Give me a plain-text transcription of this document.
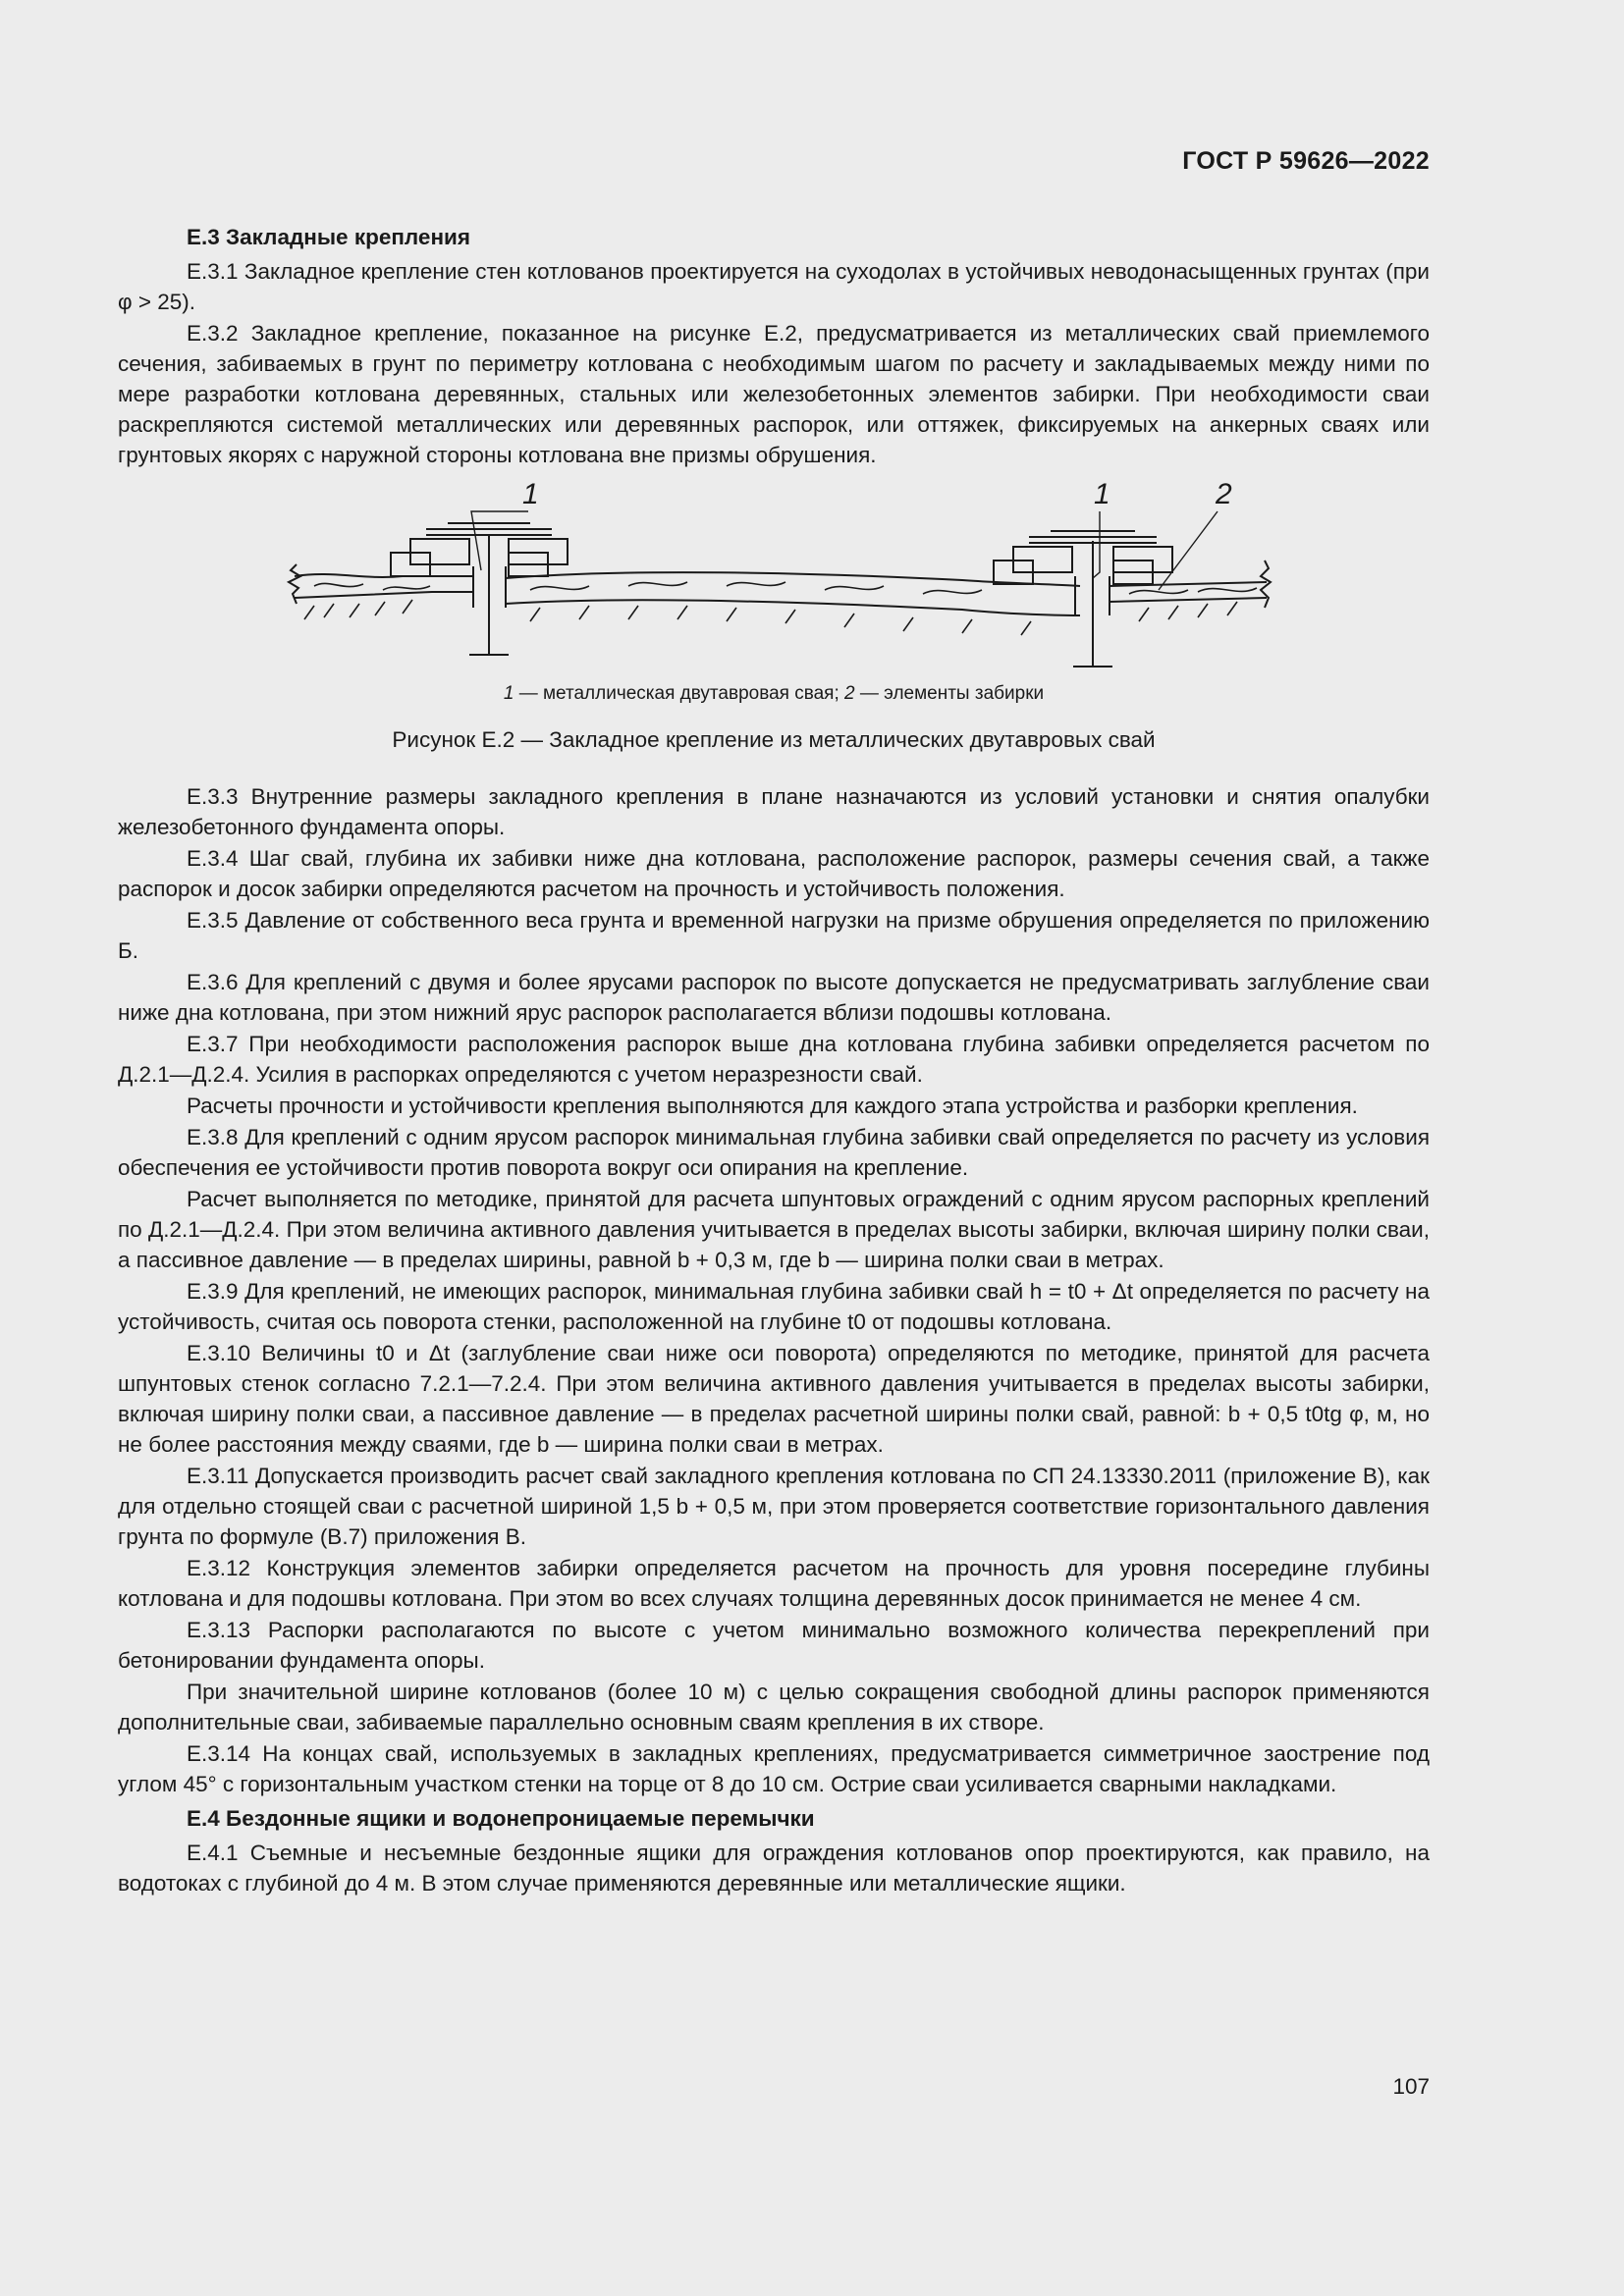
ГОСТ Р 59626—2022
Е.3 Закладные крепления
Е.3.1 Закладное крепление стен котлованов проектируется на суходолах в устойчивых неводонасыщенных грунтах (при φ > 25).
Е.3.2 Закладное крепление, показанное на рисунке Е.2, предусматривается из металлических свай приемлемого сечения, забиваемых в грунт по периметру котлована с необходимым шагом по расчету и закладываемых между ними по мере разработки котлована деревянных, стальных или железобетонных элементов забирки. При необходимости сваи раскрепляются системой металлических или деревянных распорок, или оттяжек, фиксируемых на анкерных сваях или грунтовых якорях с наружной стороны котлована вне призмы обрушения.
1	1	2
1 — металлическая двутавровая свая; 2 — элементы забирки
Рисунок Е.2 — Закладное крепление из металлических двутавровых свай
Е.3.3 Внутренние размеры закладного крепления в плане назначаются из условий установки и снятия опалубки железобетонного фундамента опоры.
Е.3.4 Шаг свай, глубина их забивки ниже дна котлована, расположение распорок, размеры сечения свай, а также распорок и досок забирки определяются расчетом на прочность и устойчивость положения.
Е.3.5 Давление от собственного веса грунта и временной нагрузки на призме обрушения определяется по приложению Б.
Е.3.6 Для креплений с двумя и более ярусами распорок по высоте допускается не предусматривать заглубление сваи ниже дна котлована, при этом нижний ярус распорок располагается вблизи подошвы котлована.
Е.3.7 При необходимости расположения распорок выше дна котлована глубина забивки определяется расчетом по Д.2.1—Д.2.4. Усилия в распорках определяются с учетом неразрезности свай.
Расчеты прочности и устойчивости крепления выполняются для каждого этапа устройства и разборки крепления.
Е.3.8 Для креплений с одним ярусом распорок минимальная глубина забивки свай определяется по расчету из условия обеспечения ее устойчивости против поворота вокруг оси опирания на крепление.
Расчет выполняется по методике, принятой для расчета шпунтовых ограждений с одним ярусом распорных креплений по Д.2.1—Д.2.4. При этом величина активного давления учитывается в пределах высоты забирки, включая ширину полки сваи, а пассивное давление — в пределах ширины, равной b + 0,3 м, где b — ширина полки сваи в метрах.
Е.3.9 Для креплений, не имеющих распорок, минимальная глубина забивки свай h = t0 + Δt определяется по расчету на устойчивость, считая ось поворота стенки, расположенной на глубине t0 от подошвы котлована.
Е.3.10 Величины t0 и Δt (заглубление сваи ниже оси поворота) определяются по методике, принятой для расчета шпунтовых стенок согласно 7.2.1—7.2.4. При этом величина активного давления учитывается в пределах высоты забирки, включая ширину полки сваи, а пассивное давление — в пределах расчетной ширины полки свай, равной: b + 0,5 t0tg φ, м, но не более расстояния между сваями, где b — ширина полки сваи в метрах.
Е.3.11 Допускается производить расчет свай закладного крепления котлована по СП 24.13330.2011 (приложение В), как для отдельно стоящей сваи с расчетной шириной 1,5 b + 0,5 м, при этом проверяется соответствие горизонтального давления грунта по формуле (В.7) приложения В.
Е.3.12 Конструкция элементов забирки определяется расчетом на прочность для уровня посередине глубины котлована и для подошвы котлована. При этом во всех случаях толщина деревянных досок принимается не менее 4 см.
Е.3.13 Распорки располагаются по высоте с учетом минимально возможного количества перекреплений при бетонировании фундамента опоры.
При значительной ширине котлованов (более 10 м) с целью сокращения свободной длины распорок применяются дополнительные сваи, забиваемые параллельно основным сваям крепления в их створе.
Е.3.14 На концах свай, используемых в закладных креплениях, предусматривается симметричное заострение под углом 45° с горизонтальным участком стенки на торце от 8 до 10 см. Острие сваи усиливается сварными накладками.
Е.4 Бездонные ящики и водонепроницаемые перемычки
Е.4.1 Съемные и несъемные бездонные ящики для ограждения котлованов опор проектируются, как правило, на водотоках с глубиной до 4 м. В этом случае применяются деревянные или металлические ящики.
107
